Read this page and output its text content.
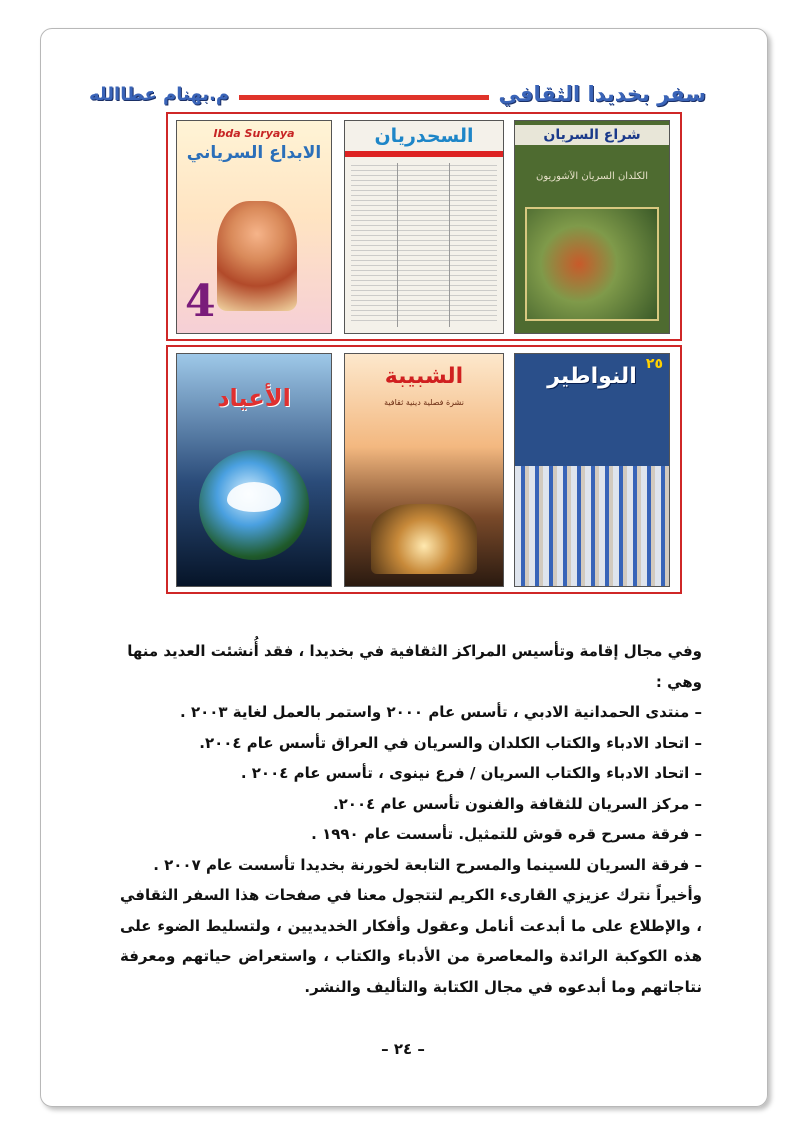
سفر بخديدا الثقافي
م.بهنام عطاالله
Ibda Suryaya
الابداع السرياني
4
السحدريان	شراع السريان
الكلدان السريان الآشوريون
الأعياد
الشبيبة
نشرة فصلية دينية ثقافية
٢٥
النواطير

وفي مجال إقامة وتأسيس المراكز الثقافية في بخديدا ، فقد أُنشئت العديد منها وهي :

– منتدى الحمدانية الادبي ، تأسس عام ٢٠٠٠ واستمر بالعمل لغاية ٢٠٠٣ .

– اتحاد الادباء والكتاب الكلدان والسريان في العراق تأسس عام ٢٠٠٤.

– اتحاد الادباء والكتاب السريان / فرع نينوى ، تأسس عام ٢٠٠٤ .

– مركز السريان للثقافة والفنون تأسس عام ٢٠٠٤.

– فرقة مسرح قره قوش للتمثيل. تأسست عام ١٩٩٠ .

– فرقة السريان للسينما والمسرح التابعة لخورنة بخديدا تأسست عام ٢٠٠٧ .

وأخيراً نترك عزيزي القارىء الكريم لتتجول معنا في صفحات هذا السفر الثقافي ، والإطلاع على ما أبدعت أنامل وعقول وأفكار الخديديين ، ولتسليط الضوء على هذه الكوكبة الرائدة والمعاصرة من الأدباء والكتاب ، واستعراض حياتهم ومعرفة نتاجاتهم وما أبدعوه في مجال الكتابة والتأليف والنشر.

– ٢٤ –
